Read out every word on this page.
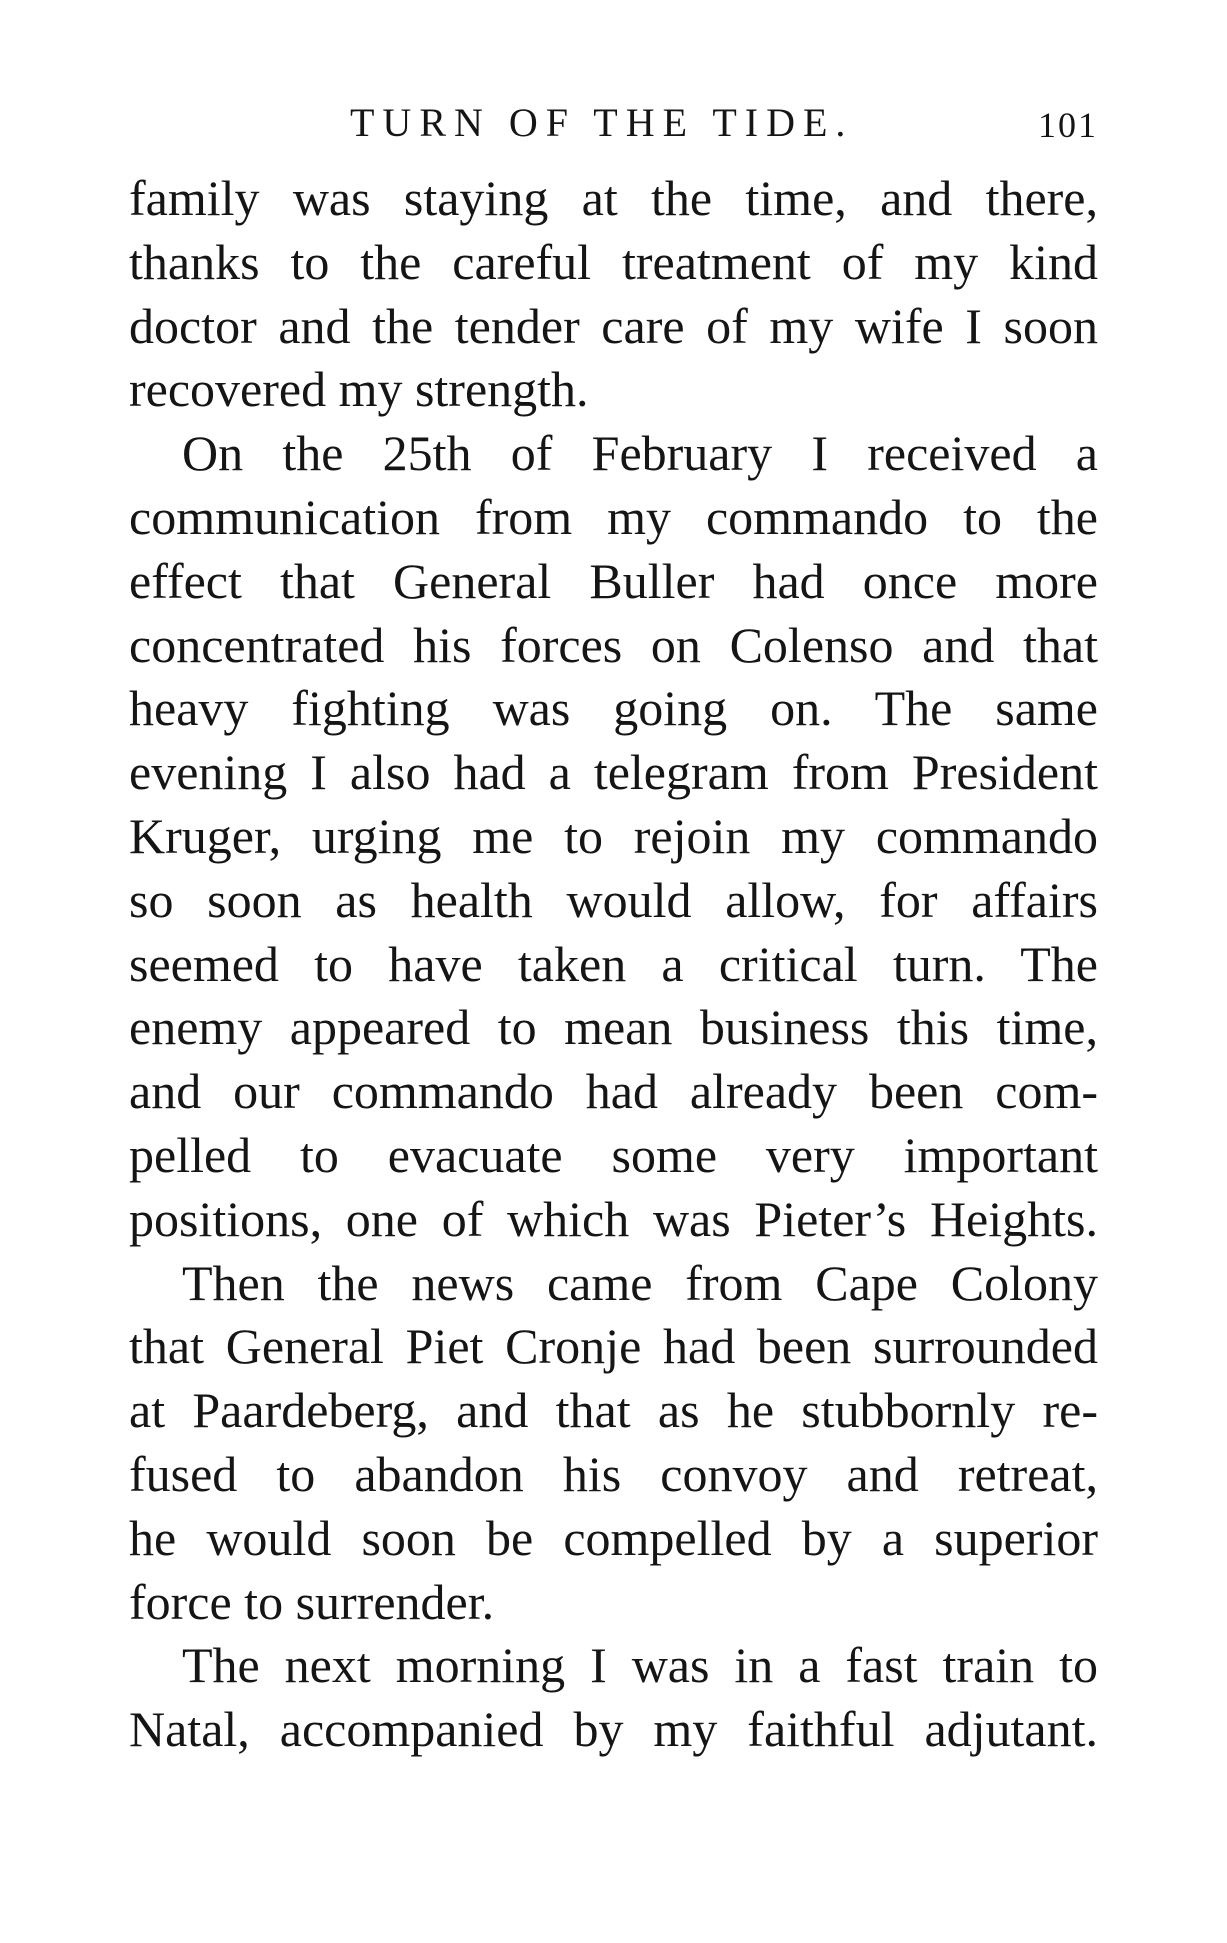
TURN OF THE TIDE.	101
family was staying at the time, and there,
thanks to the careful treatment of my kind
doctor and the tender care of my wife I soon
recovered my strength.
On the 25th of February I received a
communication from my commando to the
effect that General Buller had once more
concentrated his forces on Colenso and that
heavy fighting was going on. The same
evening I also had a telegram from President
Kruger, urging me to rejoin my commando
so soon as health would allow, for affairs
seemed to have taken a critical turn. The
enemy appeared to mean business this time,
and our commando had already been com-
pelled to evacuate some very important
positions, one of which was Pieter’s Heights.
Then the news came from Cape Colony
that General Piet Cronje had been surrounded
at Paardeberg, and that as he stubbornly re-
fused to abandon his convoy and retreat,
he would soon be compelled by a superior
force to surrender.
The next morning I was in a fast train to
Natal, accompanied by my faithful adjutant.
